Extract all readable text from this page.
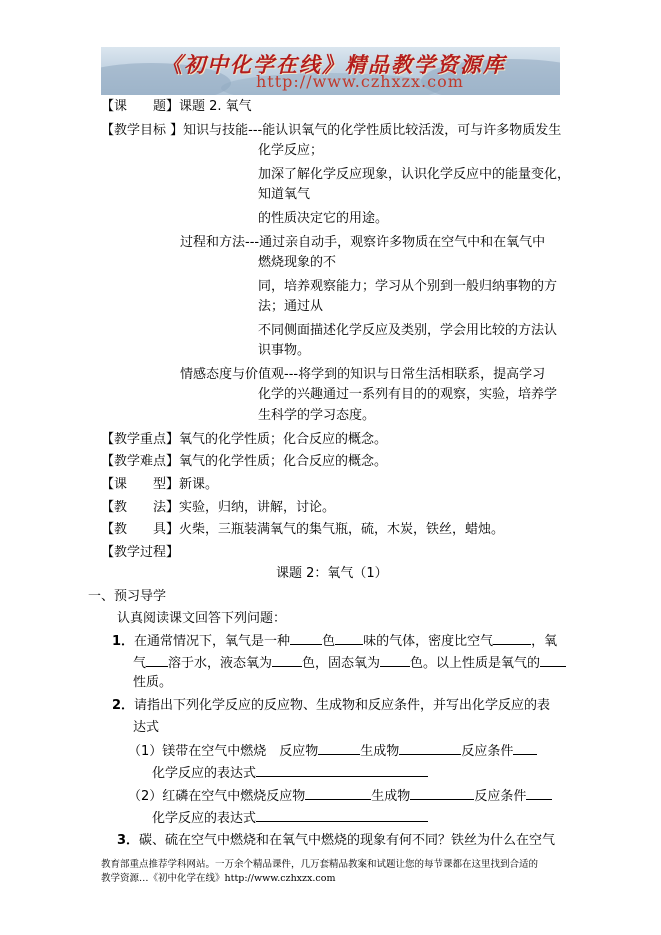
《初中化学在线》精品教学资源库
http://www.czhxzx.com
【课　　题】课题 2. 氧气
【教学目标 】知识与技能---能认识氧气的化学性质比较活泼，可与许多物质发生
化学反应；
加深了解化学反应现象，认识化学反应中的能量变化，
知道氧气
的性质决定它的用途。
过程和方法---通过亲自动手，观察许多物质在空气中和在氧气中
燃烧现象的不
同，培养观察能力；学习从个别到一般归纳事物的方
法；通过从
不同侧面描述化学反应及类别，学会用比较的方法认
识事物。
情感态度与价值观---将学到的知识与日常生活相联系，提高学习
化学的兴趣通过一系列有目的的观察，实验，培养学
生科学的学习态度。
【教学重点】氧气的化学性质；化合反应的概念。
【教学难点】氧气的化学性质；化合反应的概念。
【课　　型】新课。
【教　　法】实验，归纳，讲解，讨论。
【教　　具】火柴，三瓶装满氧气的集气瓶，硫，木炭，铁丝，蜡烛。
【教学过程】
课题 2：氧气（1）
一、预习导学
认真阅读课文回答下列问题：
1．在通常情况下，氧气是一种 色 味的气体，密度比空气	，氧
气 溶于水，液态氧为 色，固态氧为 色。以上性质是氧气的
性质。
2．请指出下列化学反应的反应物、生成物和反应条件，并写出化学反应的表
达式
（1）镁带在空气中燃烧　反应物	生成物	反应条件
化学反应的表达式
（2）红磷在空气中燃烧反应物	生成物	反应条件
化学反应的表达式
3．碳、硫在空气中燃烧和在氧气中燃烧的现象有何不同？铁丝为什么在空气
教育部重点推荐学科网站。一万余个精品课件，几万套精品教案和试题让您的每节课都在这里找到合适的
教学资源…《初中化学在线》http://www.czhxzx.com
